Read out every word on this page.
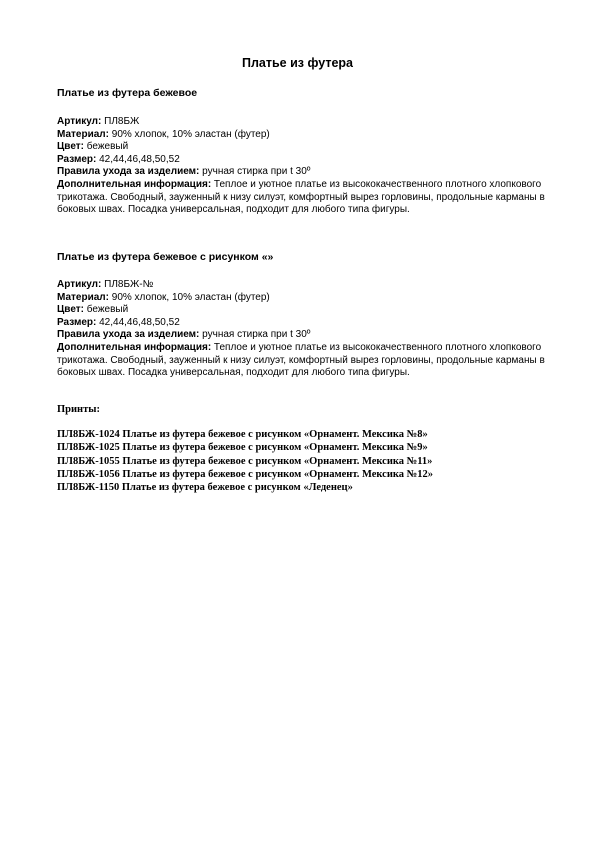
Платье из футера
Платье из футера бежевое
Артикул: ПЛ8БЖ
Материал: 90% хлопок, 10% эластан (футер)
Цвет: бежевый
Размер: 42,44,46,48,50,52
Правила ухода за изделием: ручная стирка при t 30º
Дополнительная информация: Теплое и уютное платье из высококачественного плотного хлопкового трикотажа. Свободный, зауженный к низу силуэт, комфортный вырез горловины, продольные карманы в боковых швах. Посадка универсальная, подходит для любого типа фигуры.
Платье из футера бежевое с рисунком «»
Артикул: ПЛ8БЖ-№
Материал: 90% хлопок, 10% эластан (футер)
Цвет: бежевый
Размер: 42,44,46,48,50,52
Правила ухода за изделием: ручная стирка при t 30º
Дополнительная информация: Теплое и уютное платье из высококачественного плотного хлопкового трикотажа. Свободный, зауженный к низу силуэт, комфортный вырез горловины, продольные карманы в боковых швах. Посадка универсальная, подходит для любого типа фигуры.
Принты:
ПЛ8БЖ-1024 Платье из футера бежевое с рисунком «Орнамент. Мексика №8»
ПЛ8БЖ-1025 Платье из футера бежевое с рисунком «Орнамент. Мексика №9»
ПЛ8БЖ-1055 Платье из футера бежевое с рисунком «Орнамент. Мексика №11»
ПЛ8БЖ-1056 Платье из футера бежевое с рисунком «Орнамент. Мексика №12»
ПЛ8БЖ-1150 Платье из футера бежевое с рисунком «Леденец»
